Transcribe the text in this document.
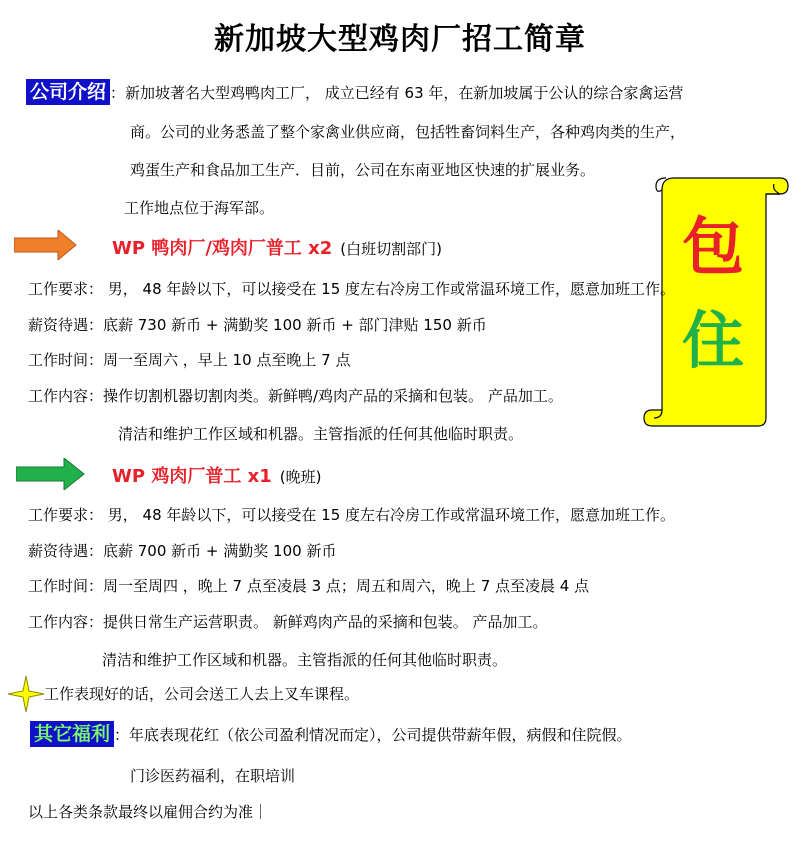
新加坡大型鸡肉厂招工简章
公司介绍 ：新加坡著名大型鸡鸭肉工厂， 成立已经有 63 年，在新加坡属于公认的综合家禽运营
商。公司的业务悉盖了整个家禽业供应商，包括牲畜饲料生产，各种鸡肉类的生产，
鸡蛋生产和食品加工生产．目前，公司在东南亚地区快速的扩展业务。
工作地点位于海军部。
包
住
WP 鸭肉厂/鸡肉厂普工 x2 (白班切割部门)
工作要求： 男， 48 年龄以下，可以接受在 15 度左右冷房工作或常温环境工作，愿意加班工作。
薪资待遇：底薪 730 新币 + 满勤奖 100 新币 + 部门津贴 150 新币
工作时间：周一至周六 ，早上 10 点至晚上 7 点
工作内容：操作切割机器切割肉类。新鲜鸭/鸡肉产品的采摘和包装。 产品加工。
清洁和维护工作区域和机器。主管指派的任何其他临时职责。
WP 鸡肉厂普工 x1 (晚班)
工作要求： 男， 48 年龄以下，可以接受在 15 度左右冷房工作或常温环境工作，愿意加班工作。
薪资待遇：底薪 700 新币 + 满勤奖 100 新币
工作时间：周一至周四 ，晚上 7 点至凌晨 3 点；周五和周六，晚上 7 点至凌晨 4 点
工作内容：提供日常生产运营职责。 新鲜鸡肉产品的采摘和包装。 产品加工。
清洁和维护工作区域和机器。主管指派的任何其他临时职责。
工作表现好的话，公司会送工人去上叉车课程。
其它福利 ：年底表现花红（依公司盈利情况而定），公司提供带薪年假，病假和住院假。
门诊医药福利，在职培训
以上各类条款最终以雇佣合约为准｜
